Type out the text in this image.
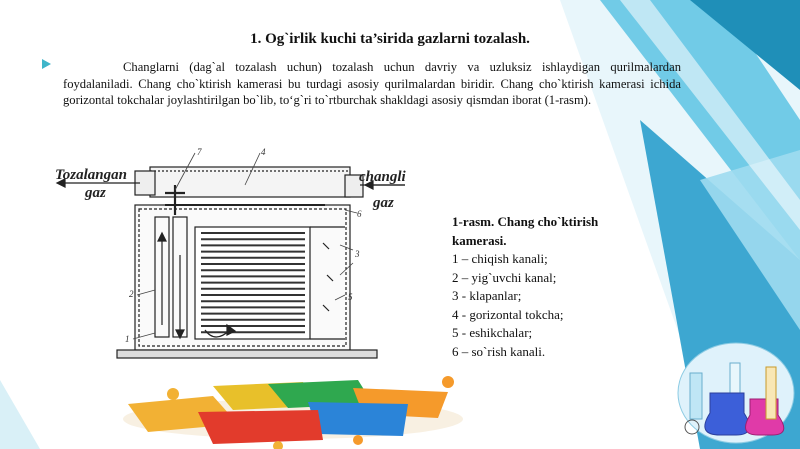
1. Og`irlik kuchi ta’sirida gazlarni tozalash.

Changlarni (dag`al tozalash uchun) tozalash uchun davriy va uzluksiz ishlaydigan qurilmalardan foydalaniladi. Chang cho`ktirish kamerasi bu turdagi asosiy qurilmalardan biridir. Chang cho`ktirish kamerasi ichida gorizontal tokchalar joylashtirilgan bo`lib, to‘g`ri to`rtburchak shakldagi asosiy qismdan iborat (1-rasm).

Tozalangan
gaz
changli
gaz
1
2
3
4
5
6
7
1-rasm. Chang cho`ktirish kamerasi.
1 – chiqish kanali;
2 – yig`uvchi kanal;
3 - klapanlar;
4 - gorizontal tokcha;
5 - eshikchalar;
6 – so`rish kanali.
